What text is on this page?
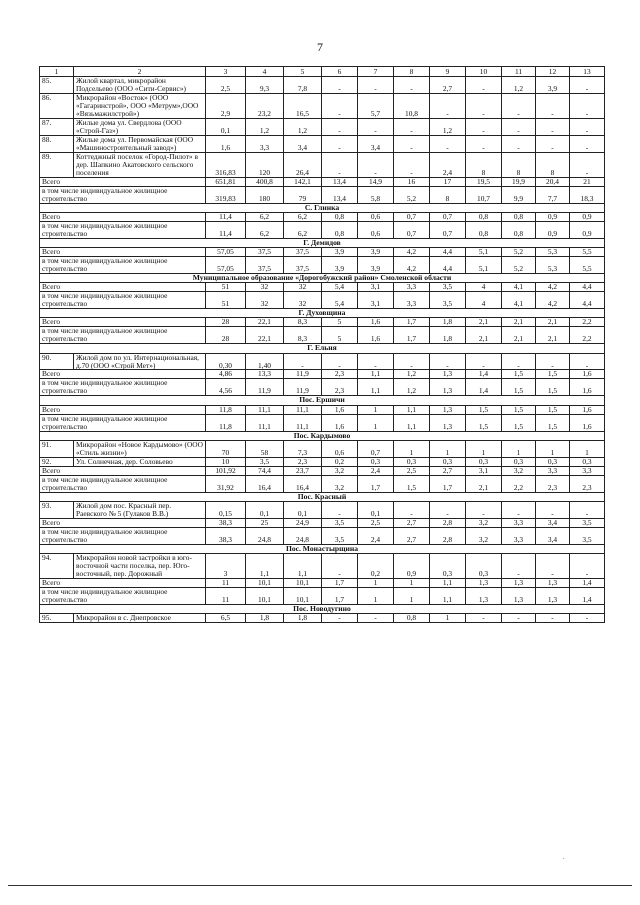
7
1	2	3	4	5	6	7	8	9	10	11	12	13
85.	Жилой квартал, микрорайон Подсельево (ООО «Сити-Сервис»)	2,5	9,3	7,8	-	-	-	2,7	-	1,2	3,9	-
86.	Микрорайон «Восток» (ООО «Гагаринстрой», ООО «Метрум»,ООО «Вязьмажилстрой»)	2,9	23,2	16,5	-	5,7	10,8	-	-	-	-	-
87.	Жилые дома ул. Свердлова (ООО «Строй-Газ»)	0,1	1,2	1,2	-	-	-	1,2	-	-	-	-
88.	Жилые дома ул. Первомайская (ООО «Машиностроительный завод»)	1,6	3,3	3,4	-	3,4	-	-	-	-	-	-
89.	Коттеджный поселок «Город-Пилот» в дер. Шапкино Акатовского сельского поселения	316,83	120	26,4	-	-	-	2,4	8	8	8	-
Всего		651,81	400,8	142,1	13,4	14,9	16	17	19,5	19,9	20,4	21
в том числе индивидуальное жилищное строительство		319,83	180	79	13,4	5,8	5,2	8	10,7	9,9	7,7	18,3
С. Глинка												
Всего		11,4	6,2	6,2	0,8	0,6	0,7	0,7	0,8	0,8	0,9	0,9
в том числе индивидуальное жилищное строительство		11,4	6,2	6,2	0,8	0,6	0,7	0,7	0,8	0,8	0,9	0,9
Г. Демидов												
Всего		57,05	37,5	37,5	3,9	3,9	4,2	4,4	5,1	5,2	5,3	5,5
в том числе индивидуальное жилищное строительство		57,05	37,5	37,5	3,9	3,9	4,2	4,4	5,1	5,2	5,3	5,5
Муниципальное образование «Дорогобужский район» Смоленской области												
Всего		51	32	32	5,4	3,1	3,3	3,5	4	4,1	4,2	4,4
в том числе индивидуальное жилищное строительство		51	32	32	5,4	3,1	3,3	3,5	4	4,1	4,2	4,4
Г. Духовщина												
Всего		28	22,1	8,3	5	1,6	1,7	1,8	2,1	2,1	2,1	2,2
в том числе индивидуальное жилищное строительство		28	22,1	8,3	5	1,6	1,7	1,8	2,1	2,1	2,1	2,2
Г. Ельня												
90.	Жилой дом по ул. Интернациональная, д.70 (ООО «Строй Мет»)	0,30	1,40	-	-	-	-	-	-	-	-	-
Всего		4,86	13,3	11,9	2,3	1,1	1,2	1,3	1,4	1,5	1,5	1,6
в том числе индивидуальное жилищное строительство		4,56	11,9	11,9	2,3	1,1	1,2	1,3	1,4	1,5	1,5	1,6
Пос. Ершичи												
Всего		11,8	11,1	11,1	1,6	1	1,1	1,3	1,5	1,5	1,5	1,6
в том числе индивидуальное жилищное строительство		11,8	11,1	11,1	1,6	1	1,1	1,3	1,5	1,5	1,5	1,6
Пос. Кардымово												
91.	Микрорайон «Новое Кардымово» (ООО «Стиль жизни»)	70	58	7,3	0,6	0,7	1	1	1	1	1	1
92.	Ул. Солнечная, дер. Соловьево	10	3,5	2,3	0,2	0,3	0,3	0,3	0,3	0,3	0,3	0,3
Всего		101,92	74,4	23,7	3,2	2,4	2,5	2,7	3,1	3,2	3,3	3,3
в том числе индивидуальное жилищное строительство		31,92	16,4	16,4	3,2	1,7	1,5	1,7	2,1	2,2	2,3	2,3
Пос. Красный												
93.	Жилой дом пос. Красный пер. Раевского № 5 (Гулаков В.В.)	0,15	0,1	0,1	-	0,1	-	-	-	-	-	-
Всего		38,3	25	24,9	3,5	2,5	2,7	2,8	3,2	3,3	3,4	3,5
в том числе индивидуальное жилищное строительство		38,3	24,8	24,8	3,5	2,4	2,7	2,8	3,2	3,3	3,4	3,5
Пос. Монастырщина												
94.	Микрорайон новой застройки в юго-восточной части поселка, пер. Юго-восточный, пер. Дорожный	3	1,1	1,1	-	0,2	0,9	0,3	0,3	-	-	-
Всего		11	10,1	10,1	1,7	1	1	1,1	1,3	1,3	1,3	1,4
в том числе индивидуальное жилищное строительство		11	10,1	10,1	1,7	1	1	1,1	1,3	1,3	1,3	1,4
Пос. Новодугино												
95.	Микрорайон в с. Днепровское	6,5	1,8	1,8	-	-	0,8	1	-	-	-	-
.
